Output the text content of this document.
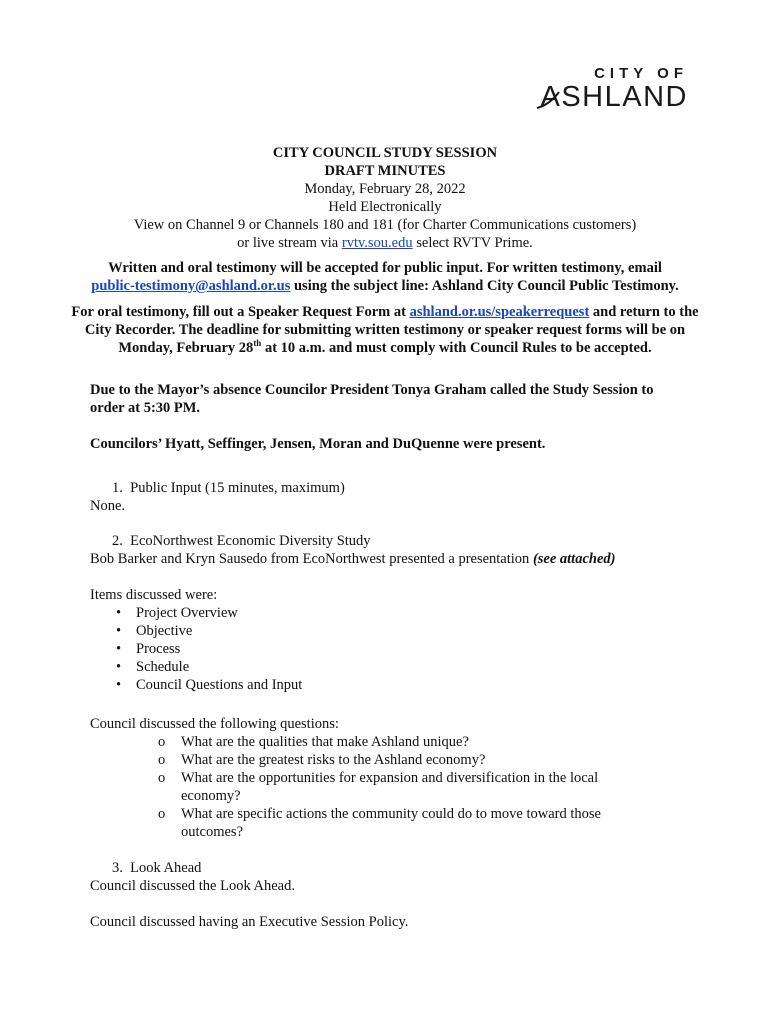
CITY OF
ASHLAND
CITY COUNCIL STUDY SESSION
DRAFT MINUTES
Monday, February 28, 2022
Held Electronically
View on Channel 9 or Channels 180 and 181 (for Charter Communications customers)
or live stream via rvtv.sou.edu select RVTV Prime.
Written and oral testimony will be accepted for public input. For written testimony, email
public-testimony@ashland.or.us using the subject line: Ashland City Council Public Testimony.
For oral testimony, fill out a Speaker Request Form at ashland.or.us/speakerrequest and return to the City Recorder. The deadline for submitting written testimony or speaker request forms will be on Monday, February 28th at 10 a.m. and must comply with Council Rules to be accepted.
Due to the Mayor’s absence Councilor President Tonya Graham called the Study Session to order at 5:30 PM.
Councilors’ Hyatt, Seffinger, Jensen, Moran and DuQuenne were present.
1.  Public Input (15 minutes, maximum)
None.
2.  EcoNorthwest Economic Diversity Study
Bob Barker and Kryn Sausedo from EcoNorthwest presented a presentation (see attached)
Items discussed were:
• Project Overview
• Objective
• Process
• Schedule
• Council Questions and Input
Council discussed the following questions:
o What are the qualities that make Ashland unique?
o What are the greatest risks to the Ashland economy?
o What are the opportunities for expansion and diversification in the local economy?
o What are specific actions the community could do to move toward those outcomes?
3.  Look Ahead
Council discussed the Look Ahead.
Council discussed having an Executive Session Policy.
